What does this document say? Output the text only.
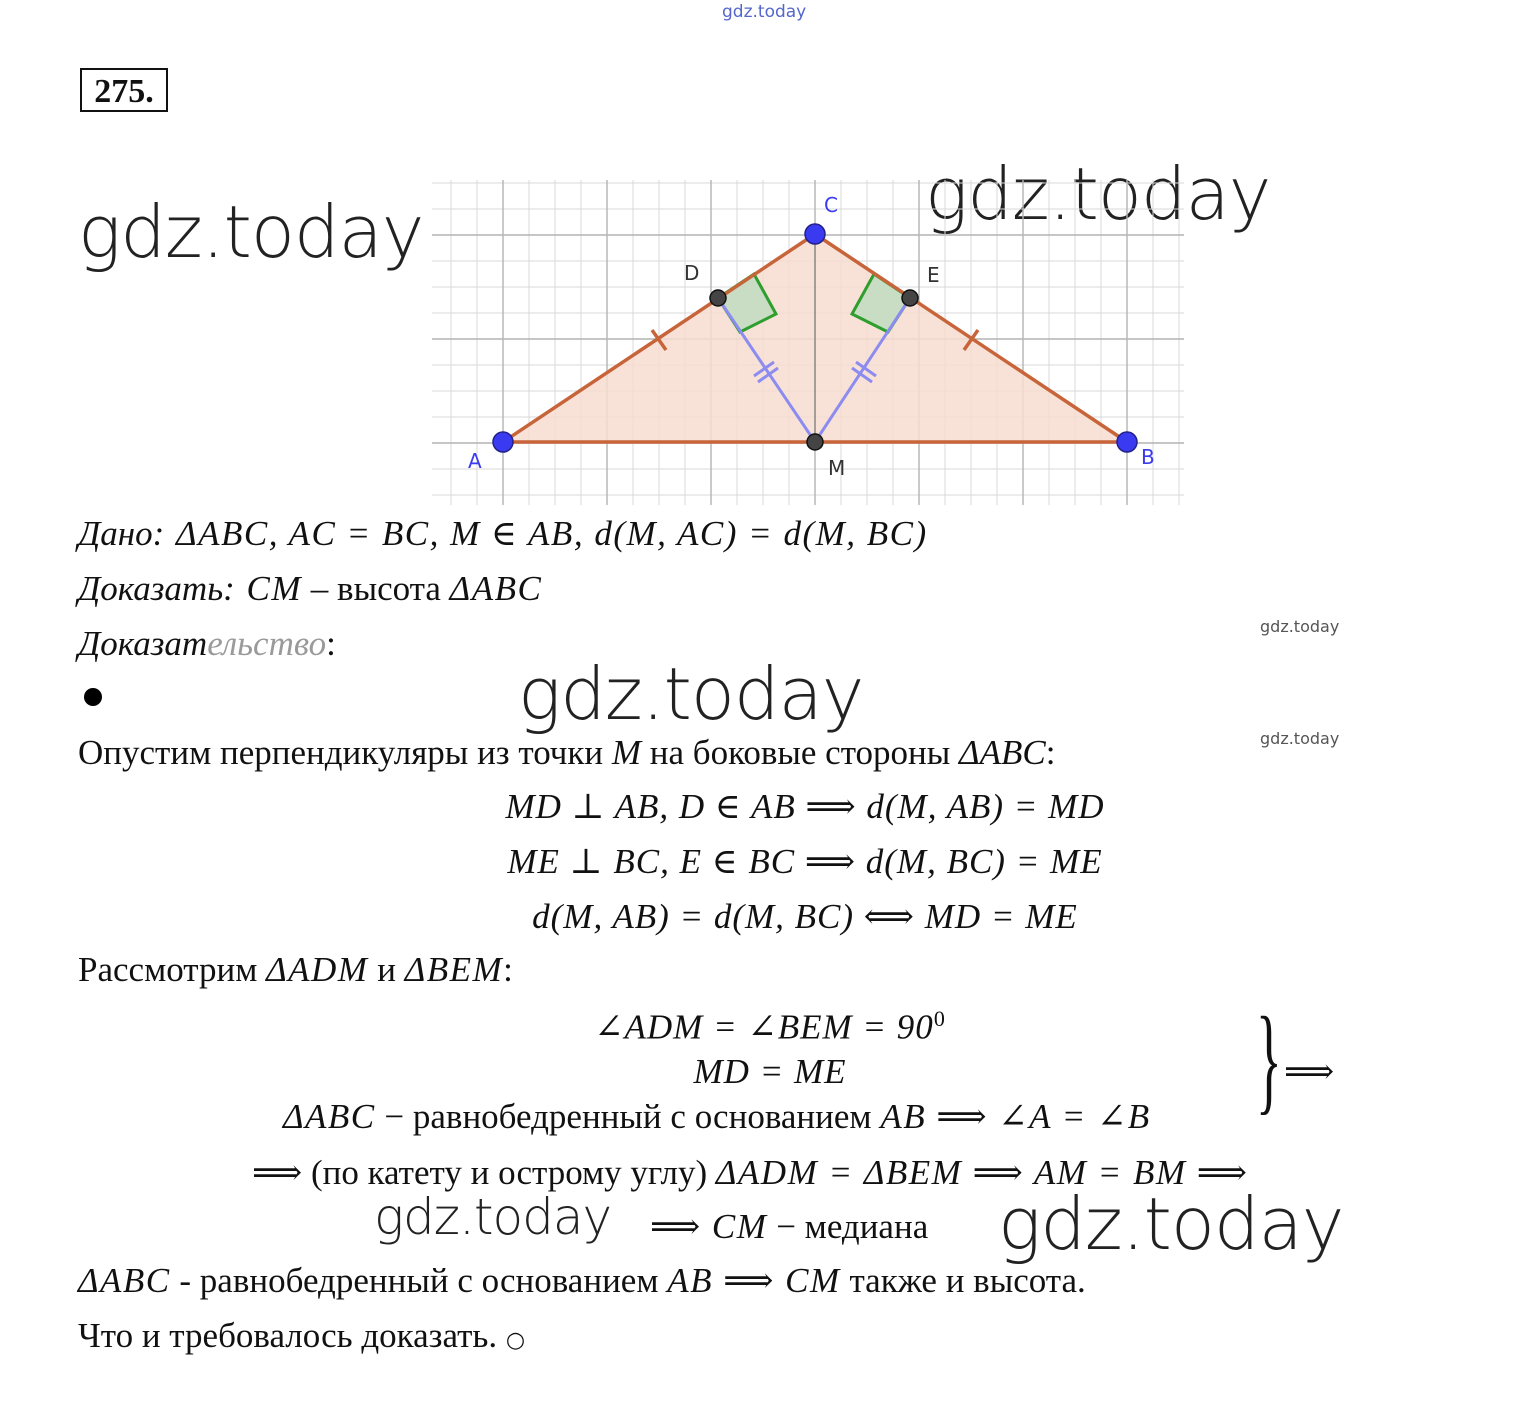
gdz.today
gdz.today	gdz.today
gdz.today
gdz.today
gdz.today
275.
A	B
C
D	E
M
Дано: ΔABC, AC = BC, M ∈ AB, d(M, AC) = d(M, BC)
Доказать: CM – высота ΔABC
Доказательство:
Опустим перпендикуляры из точки M на боковые стороны ΔABC:
MD ⊥ AB, D ∈ AB ⟹ d(M, AB) = MD
ME ⊥ BC, E ∈ BC ⟹ d(M, BC) = ME
d(M, AB) = d(M, BC) ⟺ MD = ME
Рассмотрим ΔADM и ΔBEM:
∠ADM = ∠BEM = $90^0$
MD = ME
ΔABC − равнобедренный с основанием AB ⟹ ∠A = ∠B } ⟹
⟹ (по катету и острому углу) ΔADM = ΔBEM ⟹ AM = BM ⟹
gdz.today	gdz.today
⟹ CM − медиана
ΔABC - равнобедренный с основанием AB ⟹ CM также и высота.
Что и требовалось доказать. ○
